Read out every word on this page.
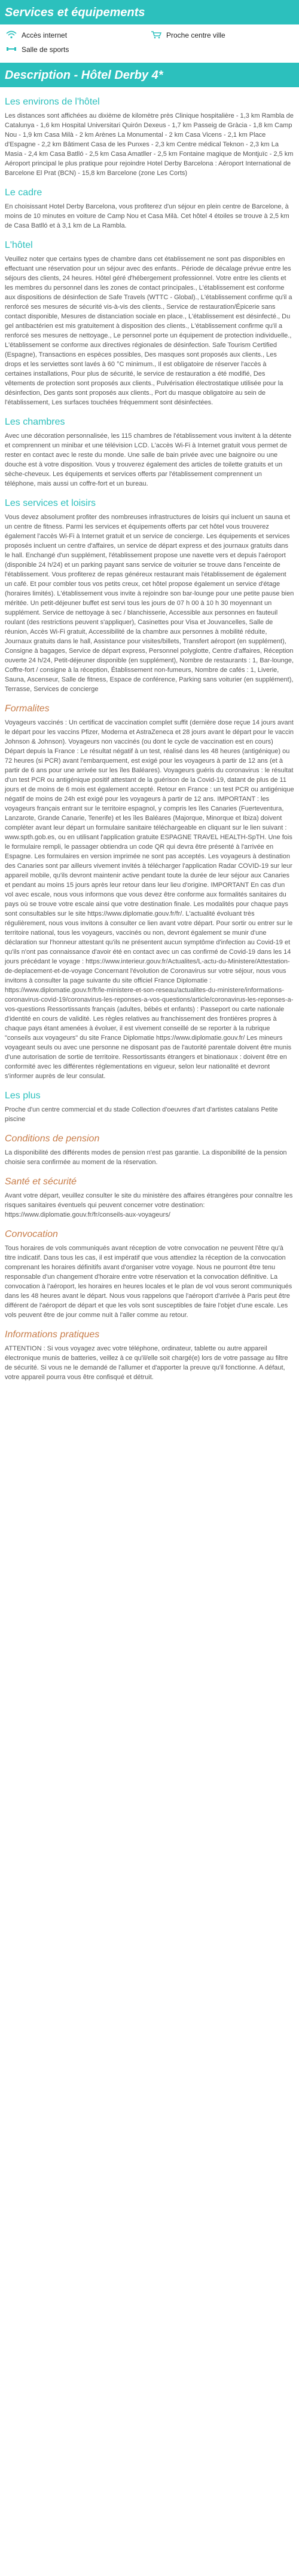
Services et équipements
Accès internet	Proche centre ville
Salle de sports
Description - Hôtel Derby 4*
Les environs de l'hôtel

Les distances sont affichées au dixième de kilomètre près Clinique hospitalière - 1,3 km Rambla de Catalunya - 1,6 km Hospital Universitari Quirón Dexeus - 1,7 km Passeig de Gràcia - 1,8 km Camp Nou - 1,9 km Casa Milà - 2 km Arènes La Monumental - 2 km Casa Vicens - 2,1 km Place d'Espagne - 2,2 km Bâtiment Casa de les Punxes - 2,3 km Centre médical Teknon - 2,3 km La Masia - 2,4 km Casa Batlló - 2,5 km Casa Amatller - 2,5 km Fontaine magique de Montjuïc - 2,5 km Aéroport principal le plus pratique pour rejoindre Hotel Derby Barcelona : Aéroport International de Barcelone El Prat (BCN) - 15,8 km Barcelone (zone Les Corts)

Le cadre

En choisissant Hotel Derby Barcelona, vous profiterez d'un séjour en plein centre de Barcelone, à moins de 10 minutes en voiture de Camp Nou et Casa Milà. Cet hôtel 4 étoiles se trouve à 2,5 km de Casa Batlló et à 3,1 km de La Rambla.

L'hôtel

Veuillez noter que certains types de chambre dans cet établissement ne sont pas disponibles en effectuant une réservation pour un séjour avec des enfants.. Période de décalage prévue entre les séjours des clients, 24 heures. Hôtel géré d'hébergement professionnel. Votre entre les clients et les membres du personnel dans les zones de contact principales., L'établissement est conforme aux dispositions de désinfection de Safe Travels (WTTC - Global)., L'établissement confirme qu'il a renforcé ses mesures de sécurité vis-à-vis des clients., Service de restauration/Épicerie sans contact disponible, Mesures de distanciation sociale en place., L'établissement est désinfecté., Du gel antibactérien est mis gratuitement à disposition des clients., L'établissement confirme qu'il a renforcé ses mesures de nettoyage., Le personnel porte un équipement de protection individuelle., L'établissement se conforme aux directives régionales de désinfection. Safe Tourism Certified (Espagne), Transactions en espèces possibles, Des masques sont proposés aux clients., Les drops et les serviettes sont lavés à 60 °C minimum., Il est obligatoire de réserver l'accès à certaines installations, Pour plus de sécurité, le service de restauration a été modifié, Des vêtements de protection sont proposés aux clients., Pulvérisation électrostatique utilisée pour la désinfection, Des gants sont proposés aux clients., Port du masque obligatoire au sein de l'établissement, Les surfaces touchées fréquemment sont désinfectées.

Les chambres

Avec une décoration personnalisée, les 115 chambres de l'établissement vous invitent à la détente et comprennent un minibar et une télévision LCD. L'accès Wi-Fi à Internet gratuit vous permet de rester en contact avec le reste du monde. Une salle de bain privée avec une baignoire ou une douche est à votre disposition. Vous y trouverez également des articles de toilette gratuits et un sèche-cheveux. Les équipements et services offerts par l'établissement comprennent un téléphone, mais aussi un coffre-fort et un bureau.

Les services et loisirs

Vous devez absolument profiter des nombreuses infrastructures de loisirs qui incluent un sauna et un centre de fitness. Parmi les services et équipements offerts par cet hôtel vous trouverez également l'accès Wi-Fi à Internet gratuit et un service de concierge. Les équipements et services proposés incluent un centre d'affaires, un service de départ express et des journaux gratuits dans le hall. Enchangé d'un supplément, l'établissement propose une navette vers et depuis l'aéroport (disponible 24 h/24) et un parking payant sans service de voiturier se trouve dans l'enceinte de l'établissement. Vous profiterez de repas généreux restaurant mais l'établissement de également un café. Et pour combler tous vos petits creux, cet hôtel propose également un service d'étage (horaires limités). L'établissement vous invite à rejoindre son bar-lounge pour une petite pause bien méritée. Un petit-déjeuner buffet est servi tous les jours de 07 h 00 à 10 h 30 moyennant un supplément. Service de nettoyage à sec / blanchisserie, Accessible aux personnes en fauteuil roulant (des restrictions peuvent s'appliquer), Casinettes pour Visa et Jouvancelles, Salle de réunion, Accès Wi-Fi gratuit, Accessibilité de la chambre aux personnes à mobilité réduite, Journaux gratuits dans le hall, Assistance pour visites/billets, Transfert aéroport (en supplément), Consigne à bagages, Service de départ express, Personnel polyglotte, Centre d'affaires, Réception ouverte 24 h/24, Petit-déjeuner disponible (en supplément), Nombre de restaurants : 1, Bar-lounge, Coffre-fort / consigne à la réception, Établissement non-fumeurs, Nombre de cafés : 1, Liverie, Sauna, Ascenseur, Salle de fitness, Espace de conférence, Parking sans voiturier (en supplément), Terrasse, Services de concierge

Formalites

Voyageurs vaccinés : Un certificat de vaccination complet suffit (dernière dose reçue 14 jours avant le départ pour les vaccins Pfizer, Moderna et AstraZeneca et 28 jours avant le départ pour le vaccin Johnson & Johnson). Voyageurs non vaccinés (ou dont le cycle de vaccination est en cours) Départ depuis la France : Le résultat négatif à un test, réalisé dans les 48 heures (antigénique) ou 72 heures (si PCR) avant l'embarquement, est exigé pour les voyageurs à partir de 12 ans (et à partir de 6 ans pour une arrivée sur les îles Baléares). Voyageurs guéris du coronavirus : le résultat d'un test PCR ou antigénique positif attestant de la guérison de la Covid-19, datant de plus de 11 jours et de moins de 6 mois est également accepté. Retour en France : un test PCR ou antigénique négatif de moins de 24h est exigé pour les voyageurs à partir de 12 ans. IMPORTANT : les voyageurs français entrant sur le territoire espagnol, y compris les îles Canaries (Fuerteventura, Lanzarote, Grande Canarie, Tenerife) et les îles Baléares (Majorque, Minorque et Ibiza) doivent compléter avant leur départ un formulaire sanitaire téléchargeable en cliquant sur le lien suivant : www.spth.gob.es, ou en utilisant l'application gratuite ESPAGNE TRAVEL HEALTH-SpTH. Une fois le formulaire rempli, le passager obtiendra un code QR qui devra être présenté à l'arrivée en Espagne. Les formulaires en version imprimée ne sont pas acceptés. Les voyageurs à destination des Canaries sont par ailleurs vivement invités à télécharger l'application Radar COVID-19 sur leur appareil mobile, qu'ils devront maintenir active pendant toute la durée de leur séjour aux Canaries et pendant au moins 15 jours après leur retour dans leur lieu d'origine. IMPORTANT En cas d'un vol avec escale, nous vous informons que vous devez être conforme aux formalités sanitaires du pays où se trouve votre escale ainsi que votre destination finale. Les modalités pour chaque pays sont consultables sur le site https://www.diplomatie.gouv.fr/fr/. L'actualité évoluant très régulièrement, nous vous invitons à consulter ce lien avant votre départ. Pour sortir ou entrer sur le territoire national, tous les voyageurs, vaccinés ou non, devront également se munir d'une déclaration sur l'honneur attestant qu'ils ne présentent aucun symptôme d'infection au Covid-19 et qu'ils n'ont pas connaissance d'avoir été en contact avec un cas confirmé de Covid-19 dans les 14 jours précédant le voyage : https://www.interieur.gouv.fr/Actualites/L-actu-du-Ministere/Attestation-de-deplacement-et-de-voyage Concernant l'évolution de Coronavirus sur votre séjour, nous vous invitons à consulter la page suivante du site officiel France Diplomatie : https://www.diplomatie.gouv.fr/fr/le-ministere-et-son-reseau/actualites-du-ministere/informations-coronavirus-covid-19/coronavirus-les-reponses-a-vos-questions/article/coronavirus-les-reponses-a-vos-questions Ressortissants français (adultes, bébés et enfants) : Passeport ou carte nationale d'identité en cours de validité. Les règles relatives au franchissement des frontières propres à chaque pays étant amenées à évoluer, il est vivement conseillé de se reporter à la rubrique "conseils aux voyageurs" du site France Diplomatie https://www.diplomatie.gouv.fr/ Les mineurs voyageant seuls ou avec une personne ne disposant pas de l'autorité parentale doivent être munis d'une autorisation de sortie de territoire. Ressortissants étrangers et binationaux : doivent être en conformité avec les différentes réglementations en vigueur, selon leur nationalité et devront s'informer auprès de leur consulat.

Les plus

Proche d'un centre commercial et du stade Collection d'oeuvres d'art d'artistes catalans Petite piscine

Conditions de pension

La disponibilité des différents modes de pension n'est pas garantie. La disponibilité de la pension choisie sera confirmée au moment de la réservation.

Santé et sécurité

Avant votre départ, veuillez consulter le site du ministère des affaires étrangères pour connaître les risques sanitaires éventuels qui peuvent concerner votre destination: https://www.diplomatie.gouv.fr/fr/conseils-aux-voyageurs/

Convocation

Tous horaires de vols communiqués avant réception de votre convocation ne peuvent l'être qu'à titre indicatif. Dans tous les cas, il est impératif que vous attendiez la réception de la convocation comprenant les horaires définitifs avant d'organiser votre voyage. Nous ne pourront être tenu responsable d'un changement d'horaire entre votre réservation et la convocation définitive. La convocation à l'aéroport, les horaires en heures locales et le plan de vol vous seront communiqués dans les 48 heures avant le départ. Nous vous rappelons que l'aéroport d'arrivée à Paris peut être différent de l'aéroport de départ et que les vols sont susceptibles de faire l'objet d'une escale. Les vols peuvent être de jour comme nuit à l'aller comme au retour.

Informations pratiques

ATTENTION : Si vous voyagez avec votre téléphone, ordinateur, tablette ou autre appareil électronique munis de batteries, veillez à ce qu'il/elle soit chargé(e) lors de votre passage au filtre de sécurité. Si vous ne le demandé de l'allumer et d'apporter la preuve qu'il fonctionne. A défaut, votre appareil pourra vous être confisqué et détruit.
